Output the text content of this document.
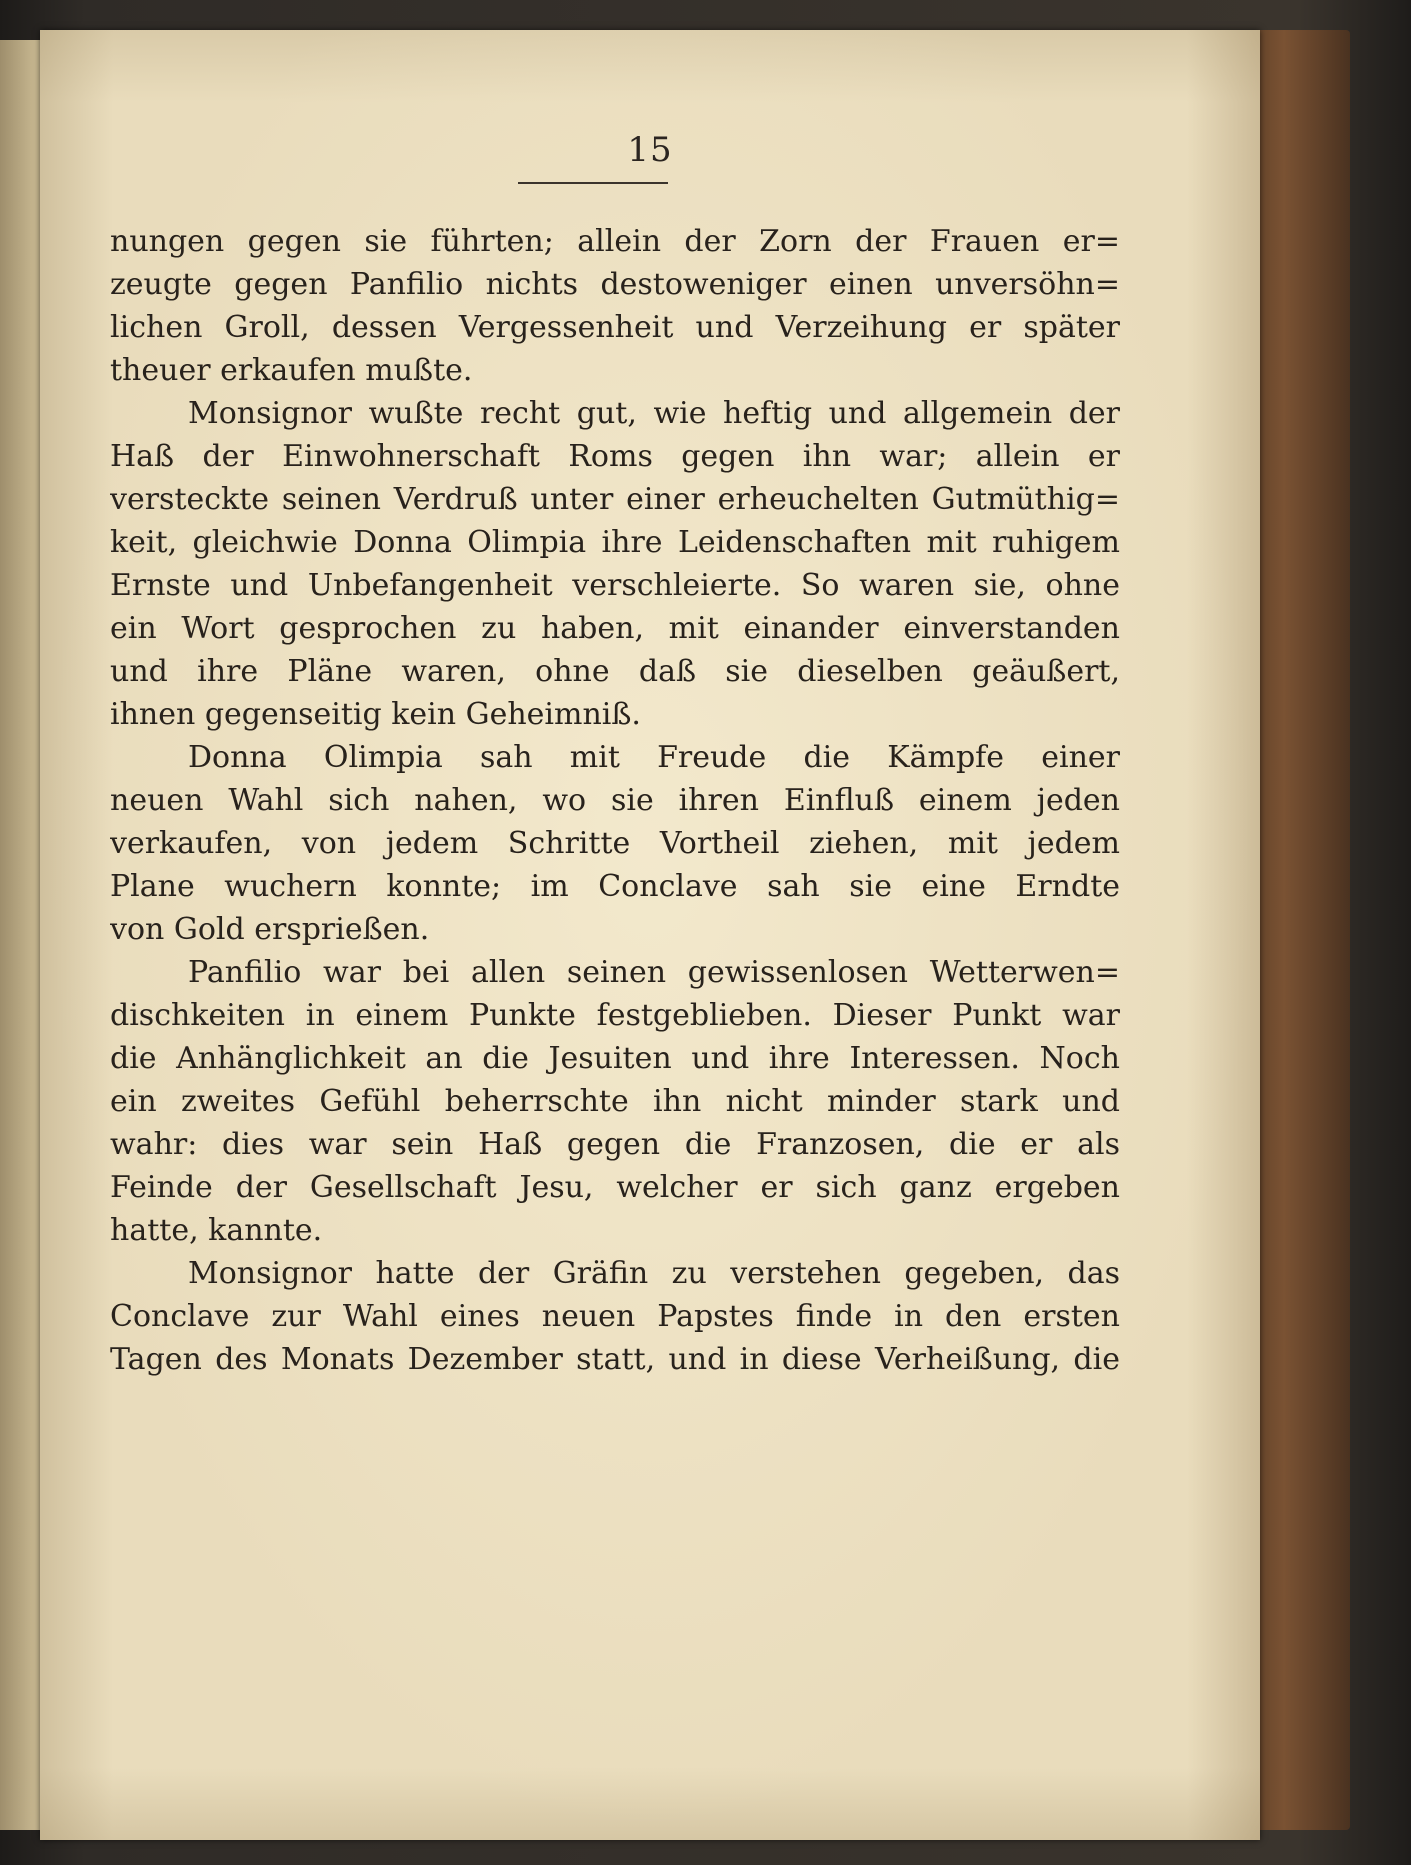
15
nungen gegen sie führten; allein der Zorn der Frauen er=
zeugte gegen Panfilio nichts destoweniger einen unversöhn=
lichen Groll, dessen Vergessenheit und Verzeihung er später
theuer erkaufen mußte.
Monsignor wußte recht gut, wie heftig und allgemein der
Haß der Einwohnerschaft Roms gegen ihn war; allein er
versteckte seinen Verdruß unter einer erheuchelten Gutmüthig=
keit, gleichwie Donna Olimpia ihre Leidenschaften mit ruhigem
Ernste und Unbefangenheit verschleierte. So waren sie, ohne
ein Wort gesprochen zu haben, mit einander einverstanden
und ihre Pläne waren, ohne daß sie dieselben geäußert,
ihnen gegenseitig kein Geheimniß.
Donna Olimpia sah mit Freude die Kämpfe einer
neuen Wahl sich nahen, wo sie ihren Einfluß einem jeden
verkaufen, von jedem Schritte Vortheil ziehen, mit jedem
Plane wuchern konnte; im Conclave sah sie eine Erndte
von Gold ersprießen.
Panfilio war bei allen seinen gewissenlosen Wetterwen=
dischkeiten in einem Punkte festgeblieben. Dieser Punkt war
die Anhänglichkeit an die Jesuiten und ihre Interessen. Noch
ein zweites Gefühl beherrschte ihn nicht minder stark und
wahr: dies war sein Haß gegen die Franzosen, die er als
Feinde der Gesellschaft Jesu, welcher er sich ganz ergeben
hatte, kannte.
Monsignor hatte der Gräfin zu verstehen gegeben, das
Conclave zur Wahl eines neuen Papstes finde in den ersten
Tagen des Monats Dezember statt, und in diese Verheißung, die
